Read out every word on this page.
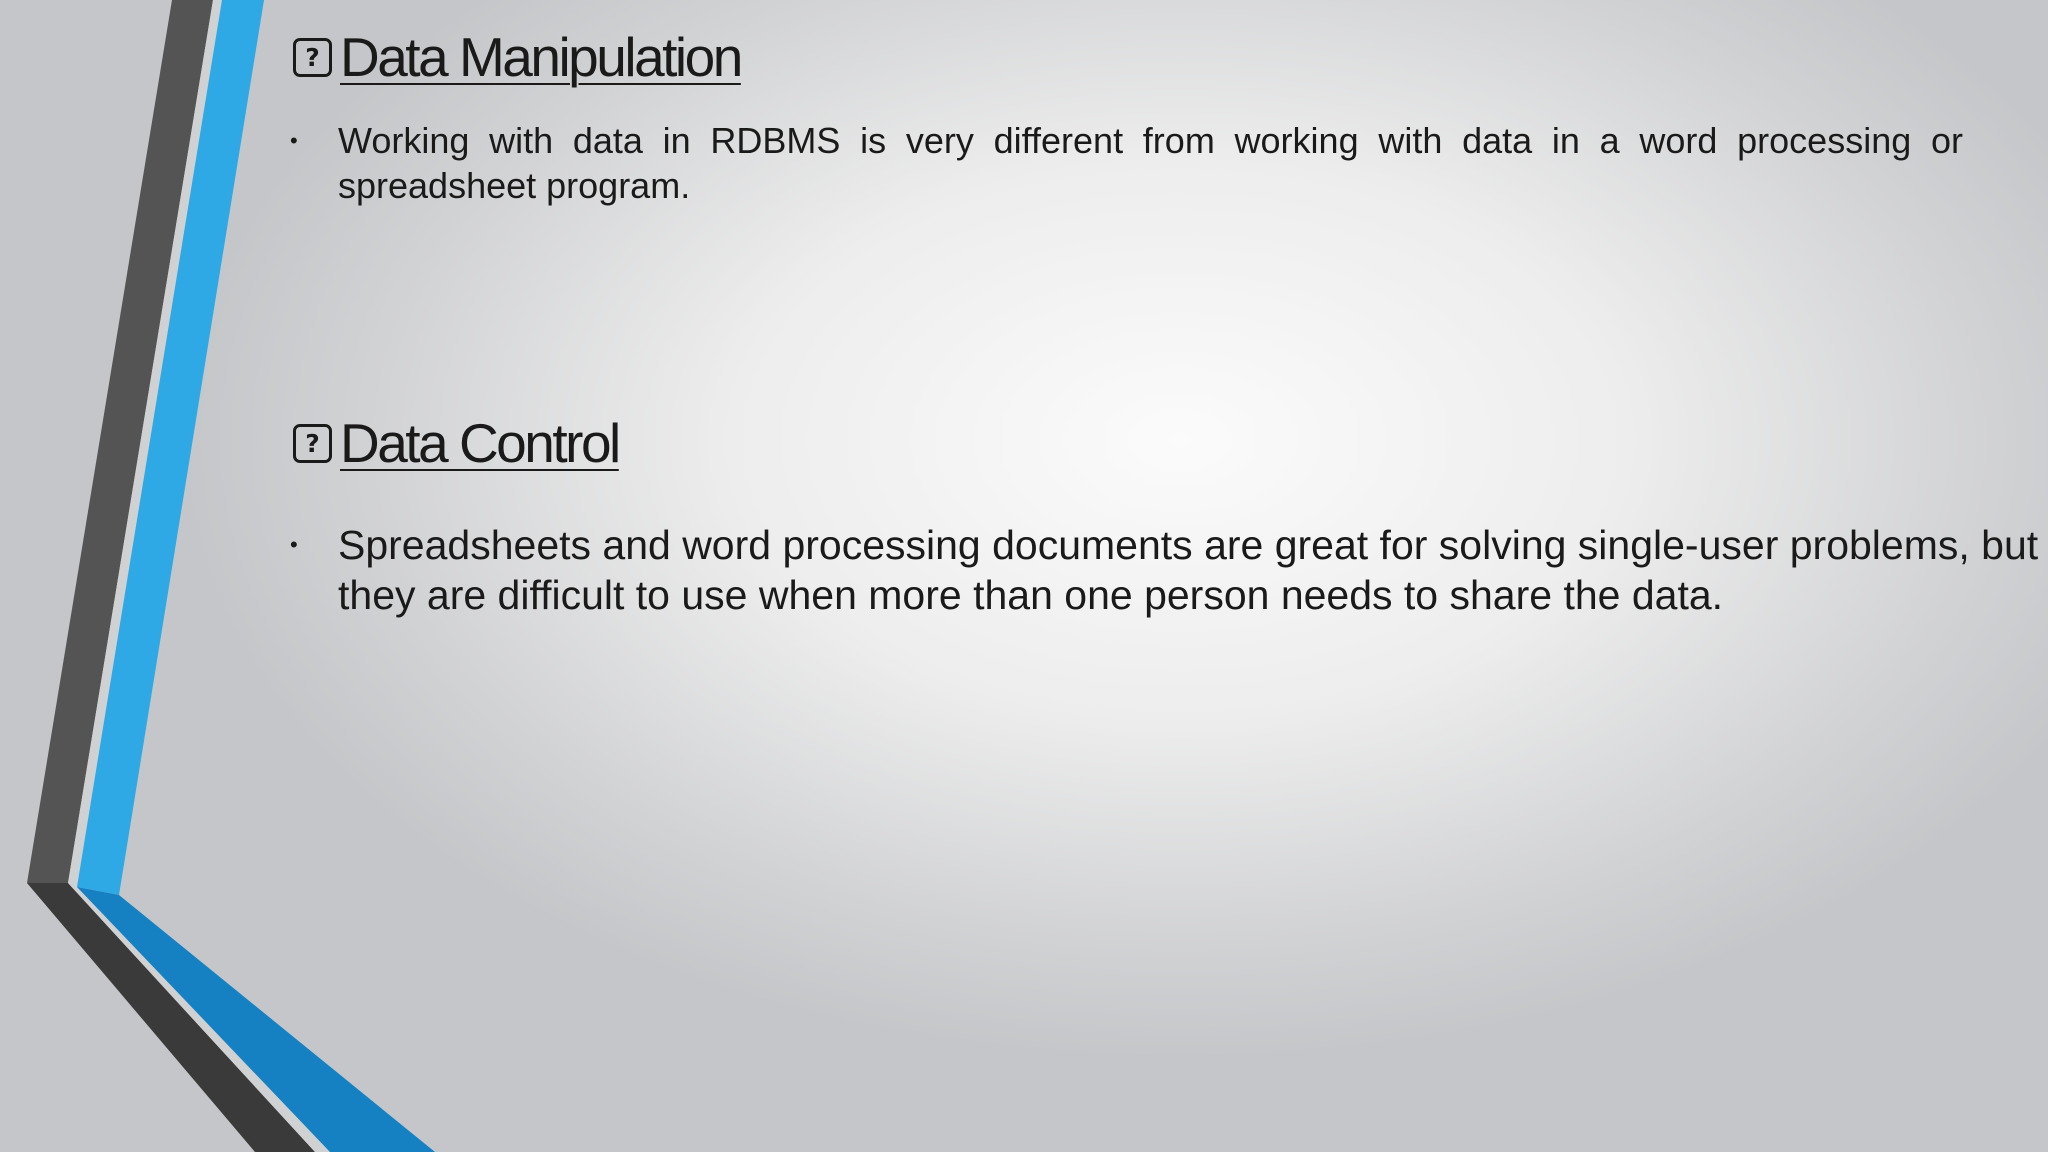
? Data Manipulation
•	Working with data in RDBMS is very different from working with data in a word processing or spreadsheet program.
? Data Control
• Spreadsheets and word processing documents are great for solving single-user problems, but
they are difficult to use when more than one person needs to share the data.
